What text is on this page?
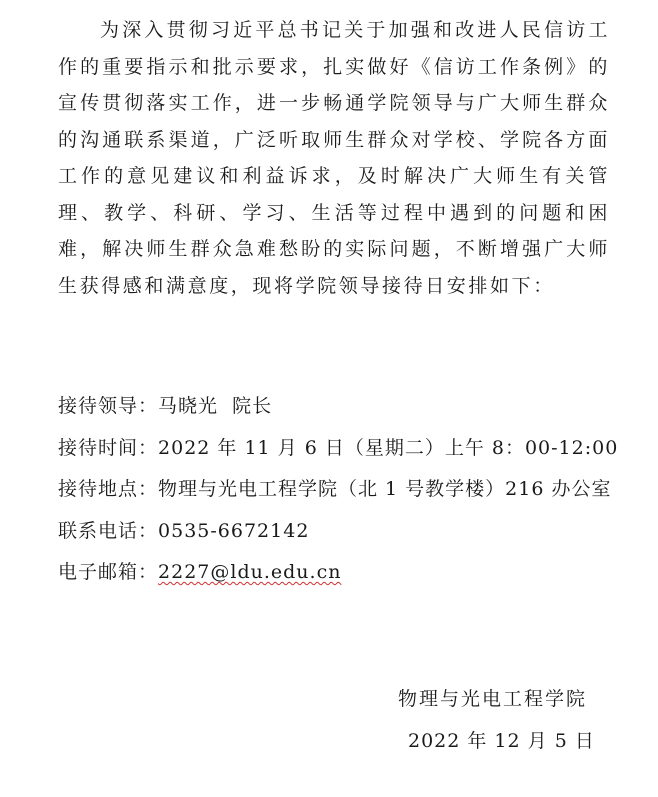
为深入贯彻习近平总书记关于加强和改进人民信访工作的重要指示和批示要求，扎实做好《信访工作条例》的宣传贯彻落实工作，进一步畅通学院领导与广大师生群众的沟通联系渠道，广泛听取师生群众对学校、学院各方面工作的意见建议和利益诉求，及时解决广大师生有关管理、教学、科研、学习、生活等过程中遇到的问题和困难，解决师生群众急难愁盼的实际问题，不断增强广大师生获得感和满意度，现将学院领导接待日安排如下：

接待领导：马晓光  院长
接待时间：2022 年 11 月 6 日（星期二）上午 8：00-12:00
接待地点：物理与光电工程学院（北 1 号教学楼）216 办公室
联系电话：0535-6672142
电子邮箱：2227@ldu.edu.cn
物理与光电工程学院
2022 年 12 月 5 日
